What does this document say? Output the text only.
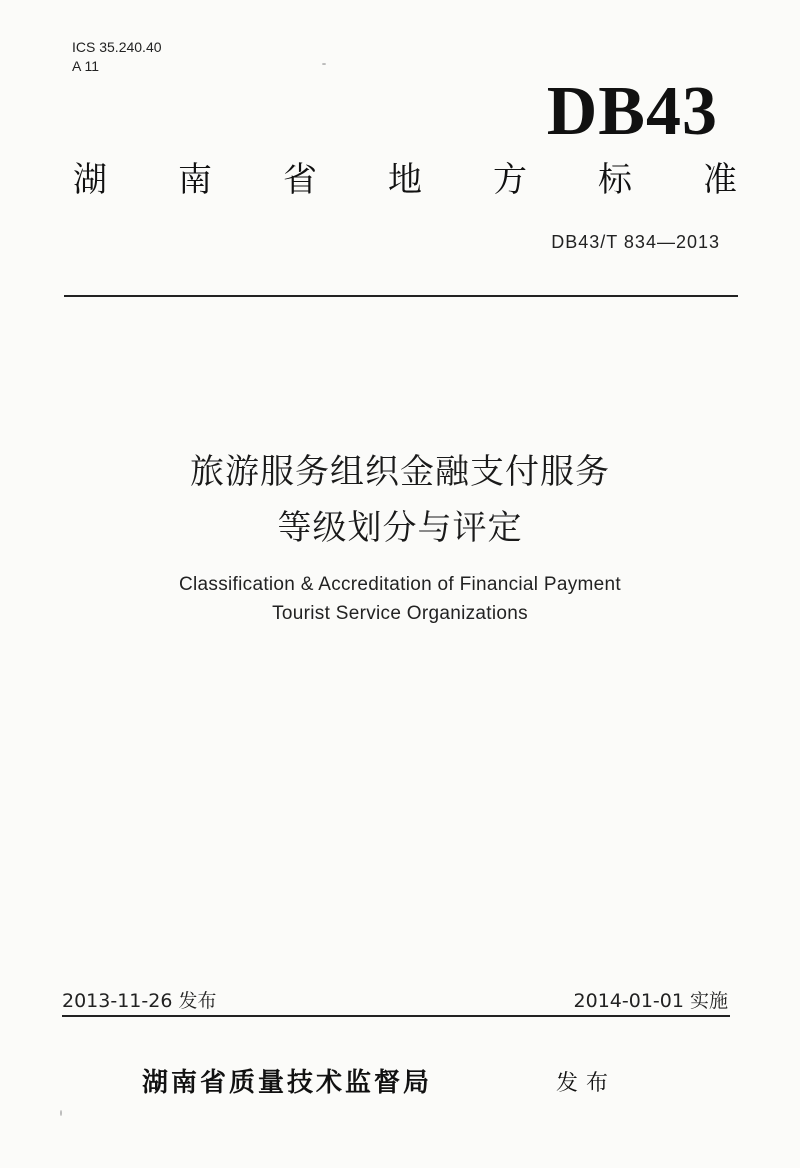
ICS 35.240.40
A 11
DB43
湖 南 省 地 方 标 准
DB43/T 834—2013
旅游服务组织金融支付服务
等级划分与评定
Classification & Accreditation of Financial Payment
Tourist Service Organizations
2013-11-26 发布	2014-01-01 实施
湖南省质量技术监督局	发布
